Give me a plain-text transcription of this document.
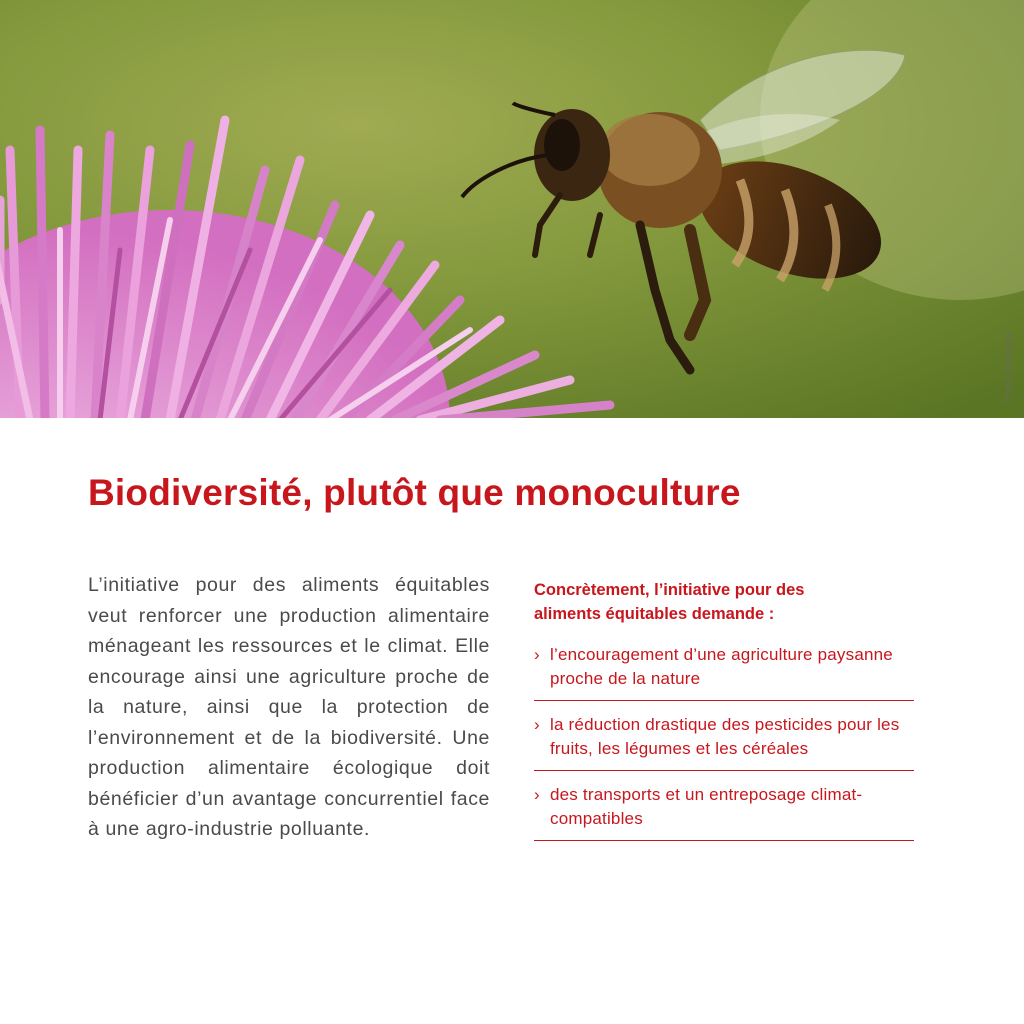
Photo: Wikipedia
Biodiversité, plutôt que monoculture

L’initiative pour des aliments équitables veut renforcer une production alimentaire ménageant les ressources et le climat. Elle encourage ainsi une agriculture proche de la nature, ainsi que la protection de l’environnement et de la biodiversité. Une production alimentaire écologique doit bénéficier d’un avantage concurrentiel face à une agro-industrie polluante.

Concrètement, l’initiative pour des aliments équitables demande :

› l’encouragement d’une agriculture paysanne proche de la nature
› la réduction drastique des pesticides pour les fruits, les légumes et les céréales
› des transports et un entreposage climat-compatibles
